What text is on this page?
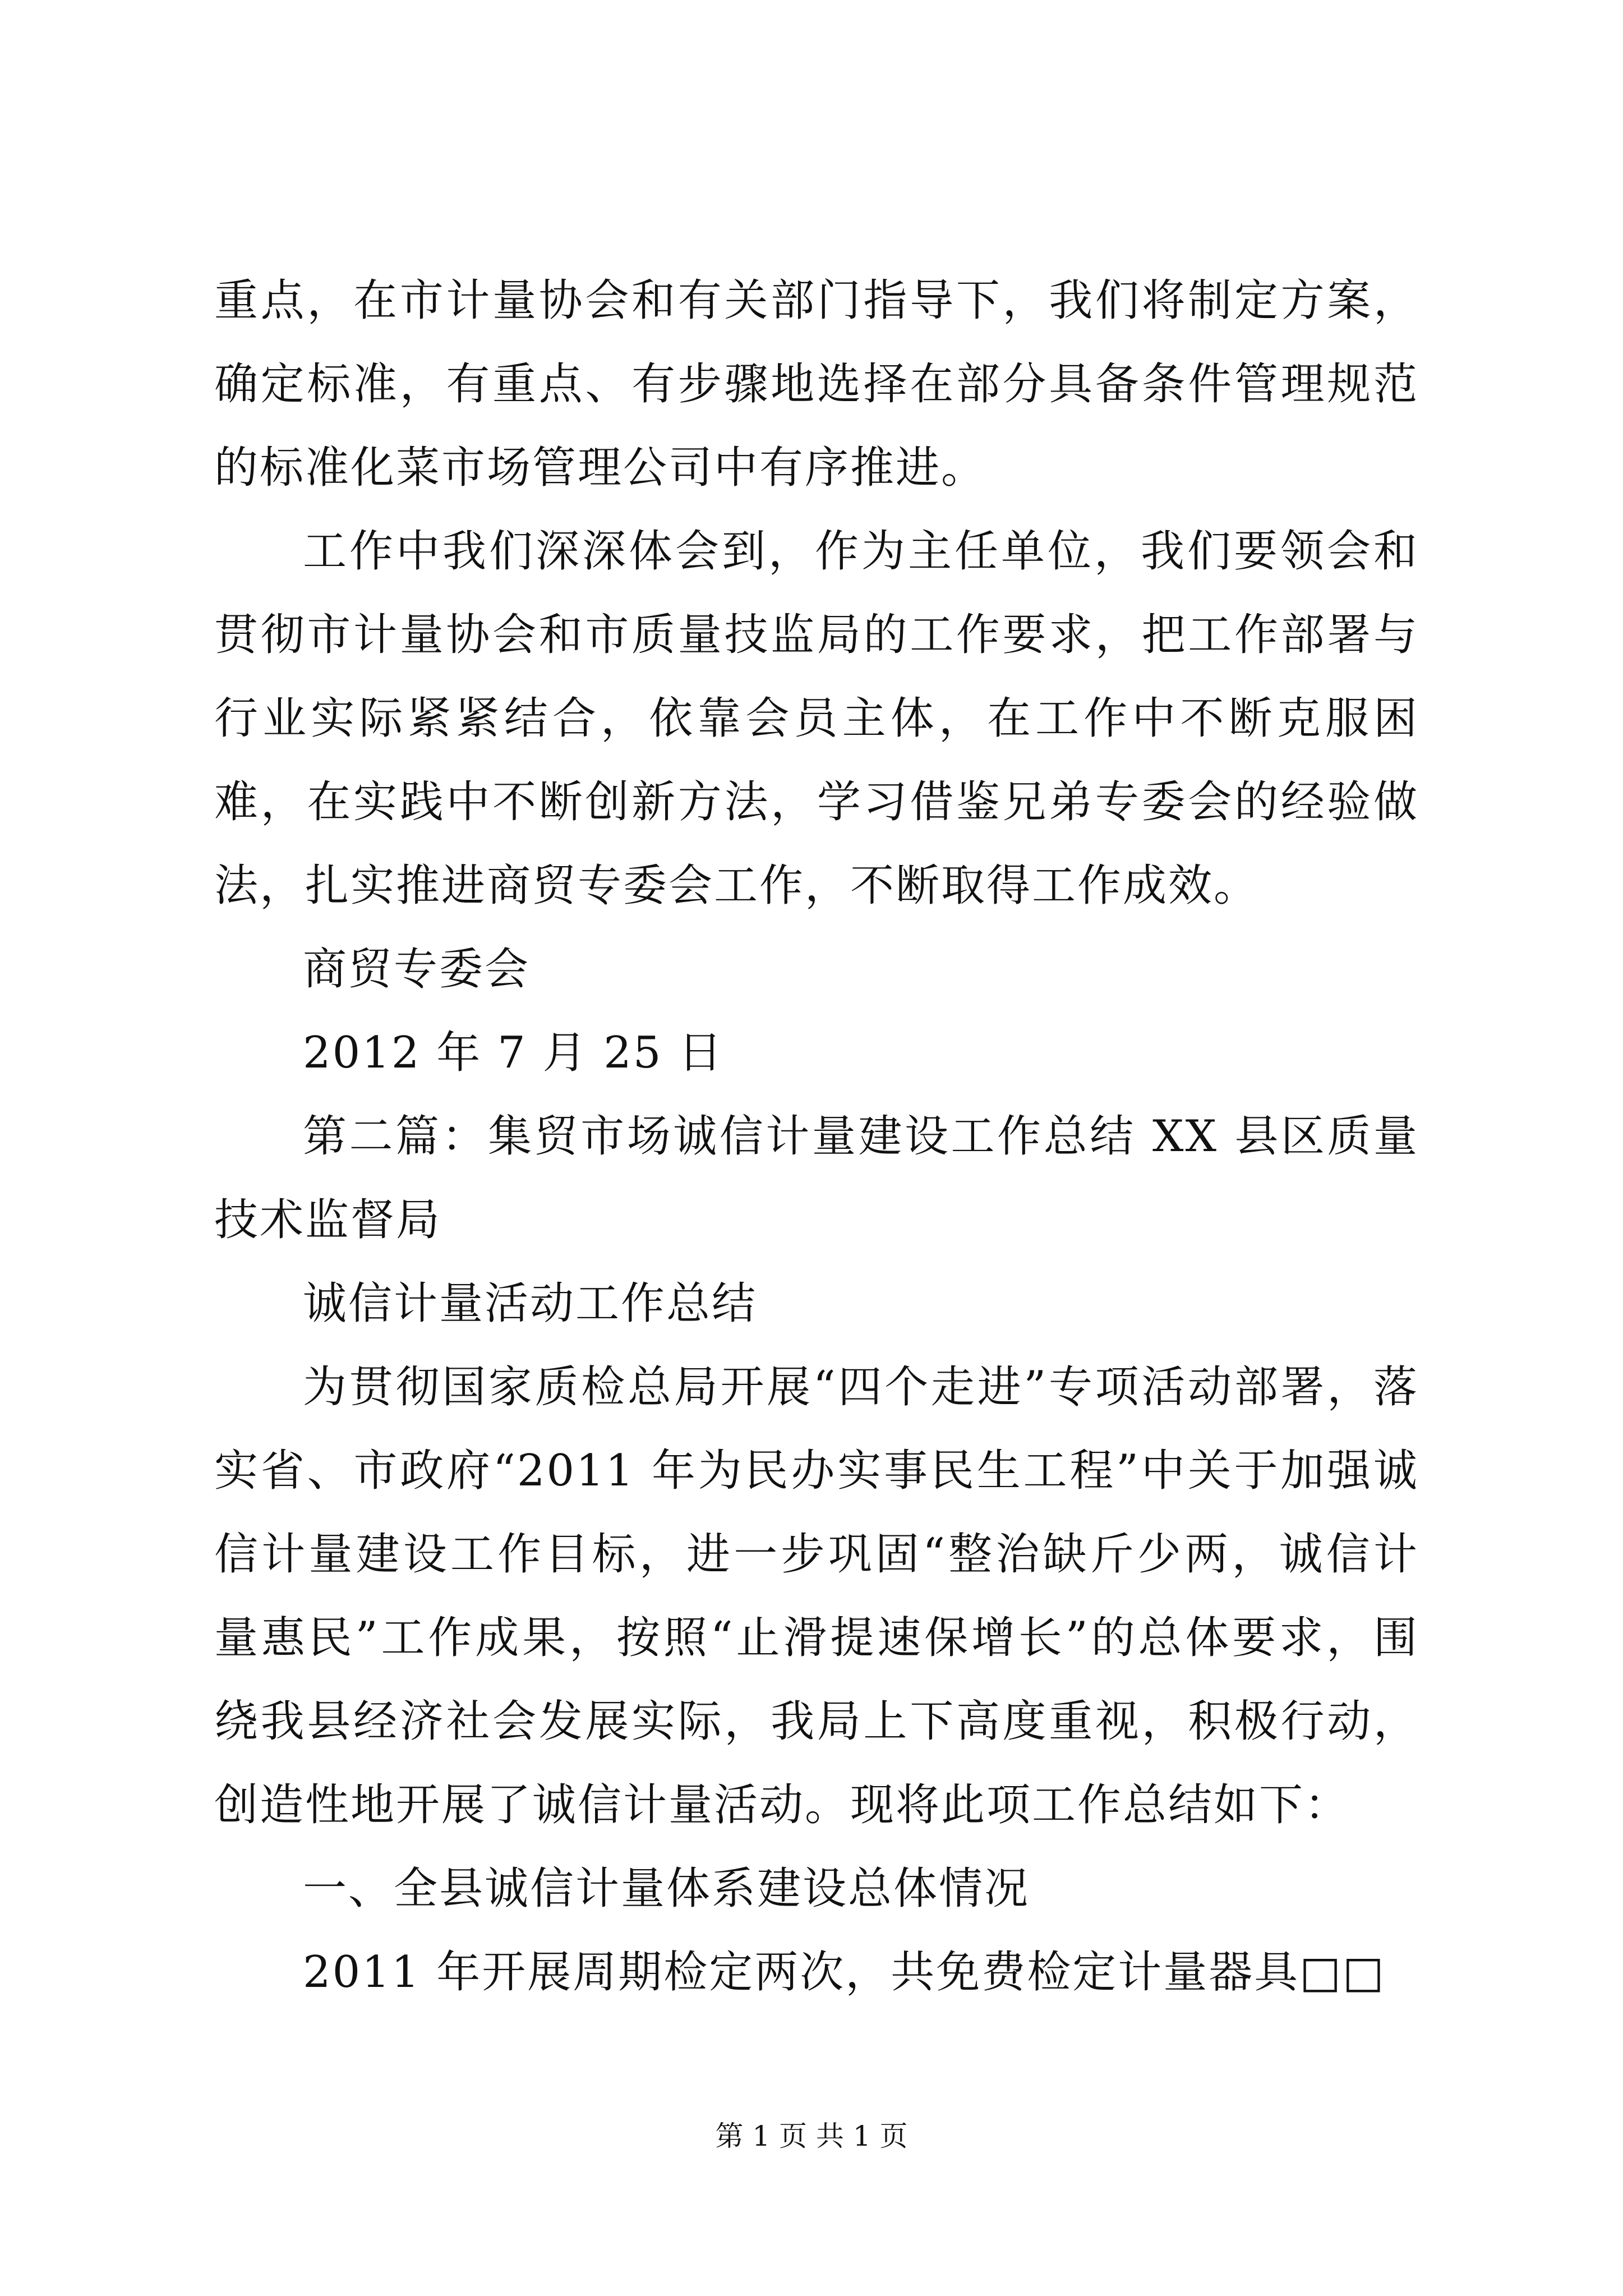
重点，在市计量协会和有关部门指导下，我们将制定方案，确定标准，有重点、有步骤地选择在部分具备条件管理规范的标准化菜市场管理公司中有序推进。

工作中我们深深体会到，作为主任单位，我们要领会和贯彻市计量协会和市质量技监局的工作要求，把工作部署与行业实际紧紧结合，依靠会员主体，在工作中不断克服困难，在实践中不断创新方法，学习借鉴兄弟专委会的经验做法，扎实推进商贸专委会工作，不断取得工作成效。

商贸专委会

2012 年 7 月 25 日

第二篇：集贸市场诚信计量建设工作总结 XX 县区质量技术监督局

诚信计量活动工作总结

为贯彻国家质检总局开展“四个走进”专项活动部署，落实省、市政府“2011 年为民办实事民生工程”中关于加强诚信计量建设工作目标，进一步巩固“整治缺斤少两，诚信计量惠民”工作成果，按照“止滑提速保增长”的总体要求，围绕我县经济社会发展实际，我局上下高度重视，积极行动，创造性地开展了诚信计量活动。现将此项工作总结如下：

一、全县诚信计量体系建设总体情况

2011 年开展周期检定两次，共免费检定计量器具□□

第 1 页 共 1 页
